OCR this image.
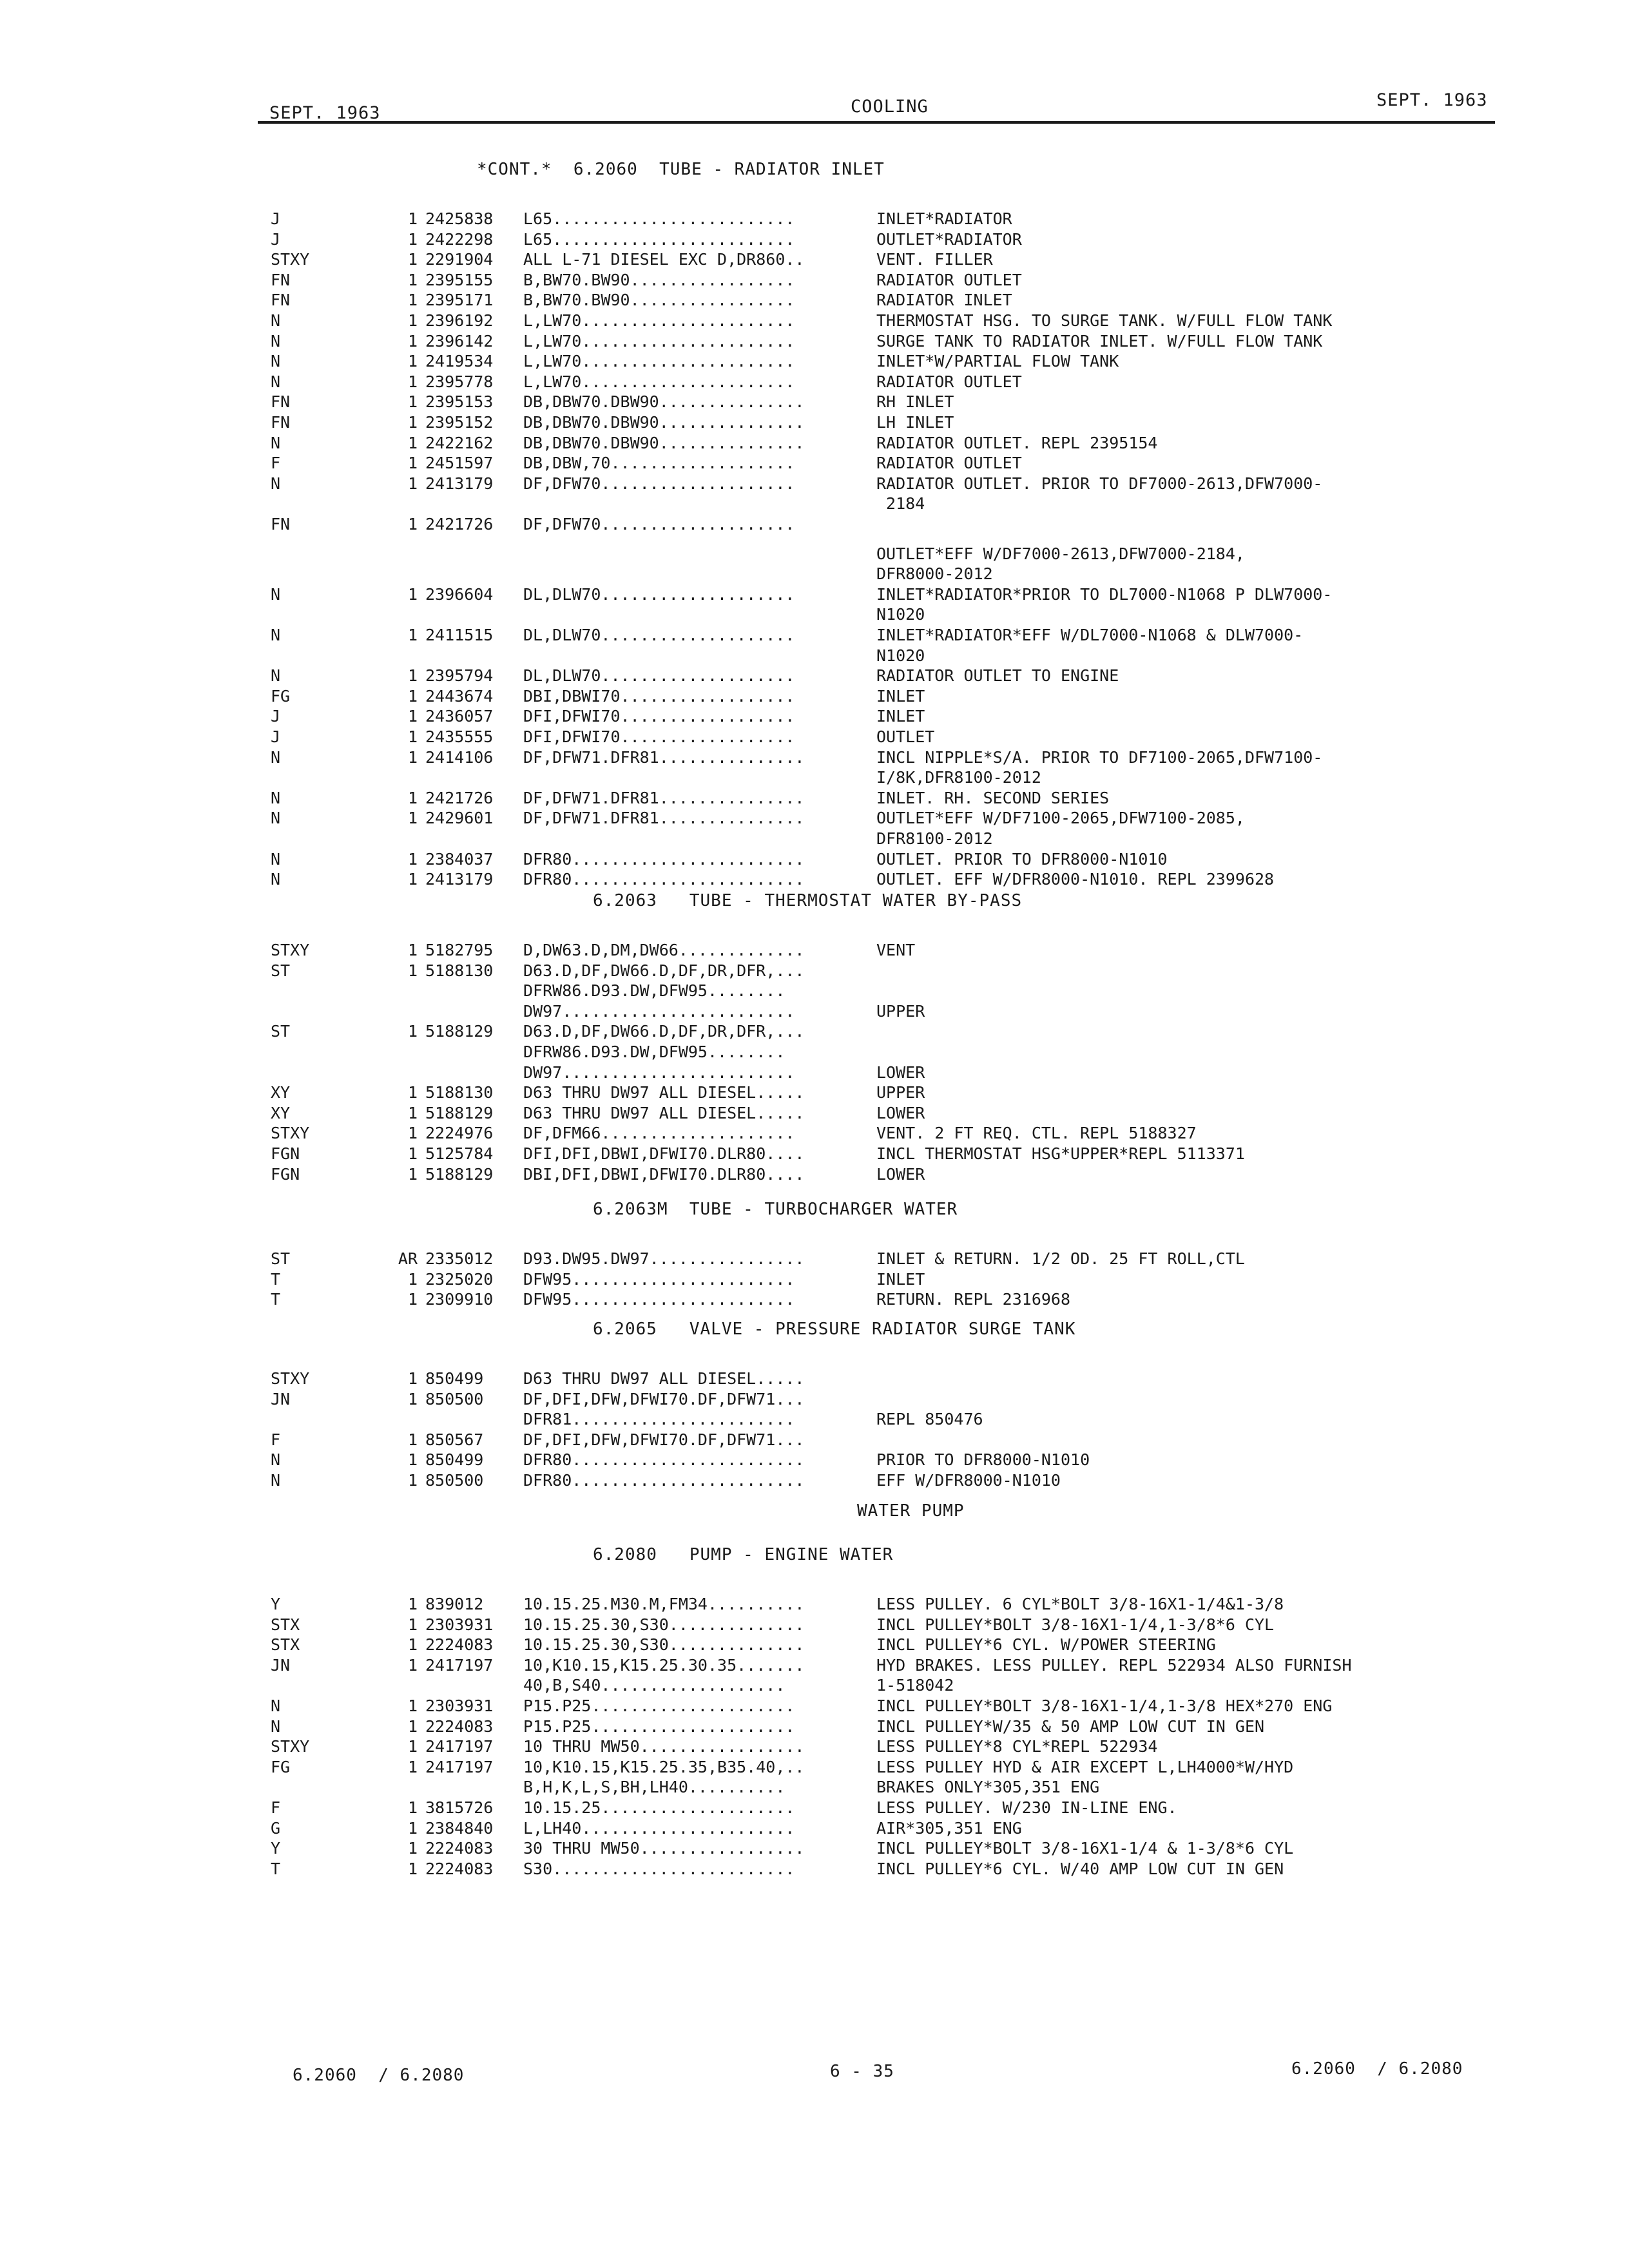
SEPT. 1963	COOLING	SEPT. 1963
*CONT.*  6.2060  TUBE - RADIATOR INLET
J	1 2425838 L65.........................	INLET*RADIATOR
J	1 2422298 L65.........................	OUTLET*RADIATOR
STXY	1 2291904 ALL L-71 DIESEL EXC D,DR860..	VENT. FILLER
FN	1 2395155 B,BW70.BW90.................	RADIATOR OUTLET
FN	1 2395171 B,BW70.BW90.................	RADIATOR INLET
N	1 2396192 L,LW70......................	THERMOSTAT HSG. TO SURGE TANK. W/FULL FLOW TANK
N	1 2396142 L,LW70......................	SURGE TANK TO RADIATOR INLET. W/FULL FLOW TANK
N	1 2419534 L,LW70......................	INLET*W/PARTIAL FLOW TANK
N	1 2395778 L,LW70......................	RADIATOR OUTLET
FN	1 2395153 DB,DBW70.DBW90...............	RH INLET
FN	1 2395152 DB,DBW70.DBW90...............	LH INLET
N	1 2422162 DB,DBW70.DBW90...............	RADIATOR OUTLET. REPL 2395154
F	1 2451597 DB,DBW,70...................	RADIATOR OUTLET
N	1 2413179 DF,DFW70....................	RADIATOR OUTLET. PRIOR TO DF7000-2613,DFW7000-
2184
FN	1 2421726 DF,DFW70....................
OUTLET*EFF W/DF7000-2613,DFW7000-2184,
DFR8000-2012
N	1 2396604 DL,DLW70....................	INLET*RADIATOR*PRIOR TO DL7000-N1068 P DLW7000-
N1020
N	1 2411515 DL,DLW70....................	INLET*RADIATOR*EFF W/DL7000-N1068 & DLW7000-
N1020
N	1 2395794 DL,DLW70....................	RADIATOR OUTLET TO ENGINE
FG	1 2443674 DBI,DBWI70..................	INLET
J	1 2436057 DFI,DFWI70..................	INLET
J	1 2435555 DFI,DFWI70..................	OUTLET
N	1 2414106 DF,DFW71.DFR81...............	INCL NIPPLE*S/A. PRIOR TO DF7100-2065,DFW7100-
I/8K,DFR8100-2012
N	1 2421726 DF,DFW71.DFR81...............	INLET. RH. SECOND SERIES
N	1 2429601 DF,DFW71.DFR81...............	OUTLET*EFF W/DF7100-2065,DFW7100-2085,
DFR8100-2012
N	1 2384037 DFR80........................	OUTLET. PRIOR TO DFR8000-N1010
N	1 2413179 DFR80........................	OUTLET. EFF W/DFR8000-N1010. REPL 2399628
6.2063   TUBE - THERMOSTAT WATER BY-PASS
STXY	1 5182795 D,DW63.D,DM,DW66.............	VENT
ST	1 5188130 D63.D,DF,DW66.D,DF,DR,DFR,...
DFRW86.D93.DW,DFW95........
DW97........................	UPPER
ST	1 5188129 D63.D,DF,DW66.D,DF,DR,DFR,...
DFRW86.D93.DW,DFW95........
DW97........................	LOWER
XY	1 5188130 D63 THRU DW97 ALL DIESEL.....	UPPER
XY	1 5188129 D63 THRU DW97 ALL DIESEL.....	LOWER
STXY	1 2224976 DF,DFM66....................	VENT. 2 FT REQ. CTL. REPL 5188327
FGN	1 5125784 DFI,DFI,DBWI,DFWI70.DLR80....	INCL THERMOSTAT HSG*UPPER*REPL 5113371
FGN	1 5188129 DBI,DFI,DBWI,DFWI70.DLR80....	LOWER
6.2063M  TUBE - TURBOCHARGER WATER
ST	AR 2335012 D93.DW95.DW97................	INLET & RETURN. 1/2 OD. 25 FT ROLL,CTL
T	1 2325020 DFW95.......................	INLET
T	1 2309910 DFW95.......................	RETURN. REPL 2316968
6.2065   VALVE - PRESSURE RADIATOR SURGE TANK
STXY	1 850499 D63 THRU DW97 ALL DIESEL.....
JN	1 850500 DF,DFI,DFW,DFWI70.DF,DFW71...
DFR81.......................	REPL 850476
F	1 850567 DF,DFI,DFW,DFWI70.DF,DFW71...
N	1 850499 DFR80........................	PRIOR TO DFR8000-N1010
N	1 850500 DFR80........................	EFF W/DFR8000-N1010
WATER PUMP
6.2080   PUMP - ENGINE WATER
Y	1 839012 10.15.25.M30.M,FM34..........	LESS PULLEY. 6 CYL*BOLT 3/8-16X1-1/4&1-3/8
STX	1 2303931 10.15.25.30,S30..............	INCL PULLEY*BOLT 3/8-16X1-1/4,1-3/8*6 CYL
STX	1 2224083 10.15.25.30,S30..............	INCL PULLEY*6 CYL. W/POWER STEERING
JN	1 2417197 10,K10.15,K15.25.30.35.......	HYD BRAKES. LESS PULLEY. REPL 522934 ALSO FURNISH
40,B,S40...................	1-518042
N	1 2303931 P15.P25.....................	INCL PULLEY*BOLT 3/8-16X1-1/4,1-3/8 HEX*270 ENG
N	1 2224083 P15.P25.....................	INCL PULLEY*W/35 & 50 AMP LOW CUT IN GEN
STXY	1 2417197 10 THRU MW50.................	LESS PULLEY*8 CYL*REPL 522934
FG	1 2417197 10,K10.15,K15.25.35,B35.40,..	LESS PULLEY HYD & AIR EXCEPT L,LH4000*W/HYD
B,H,K,L,S,BH,LH40..........	BRAKES ONLY*305,351 ENG
F	1 3815726 10.15.25....................	LESS PULLEY. W/230 IN-LINE ENG.
G	1 2384840 L,LH40......................	AIR*305,351 ENG
Y	1 2224083 30 THRU MW50.................	INCL PULLEY*BOLT 3/8-16X1-1/4 & 1-3/8*6 CYL
T	1 2224083 S30.........................	INCL PULLEY*6 CYL. W/40 AMP LOW CUT IN GEN
6.2060  / 6.2080	6 - 35	6.2060  / 6.2080
